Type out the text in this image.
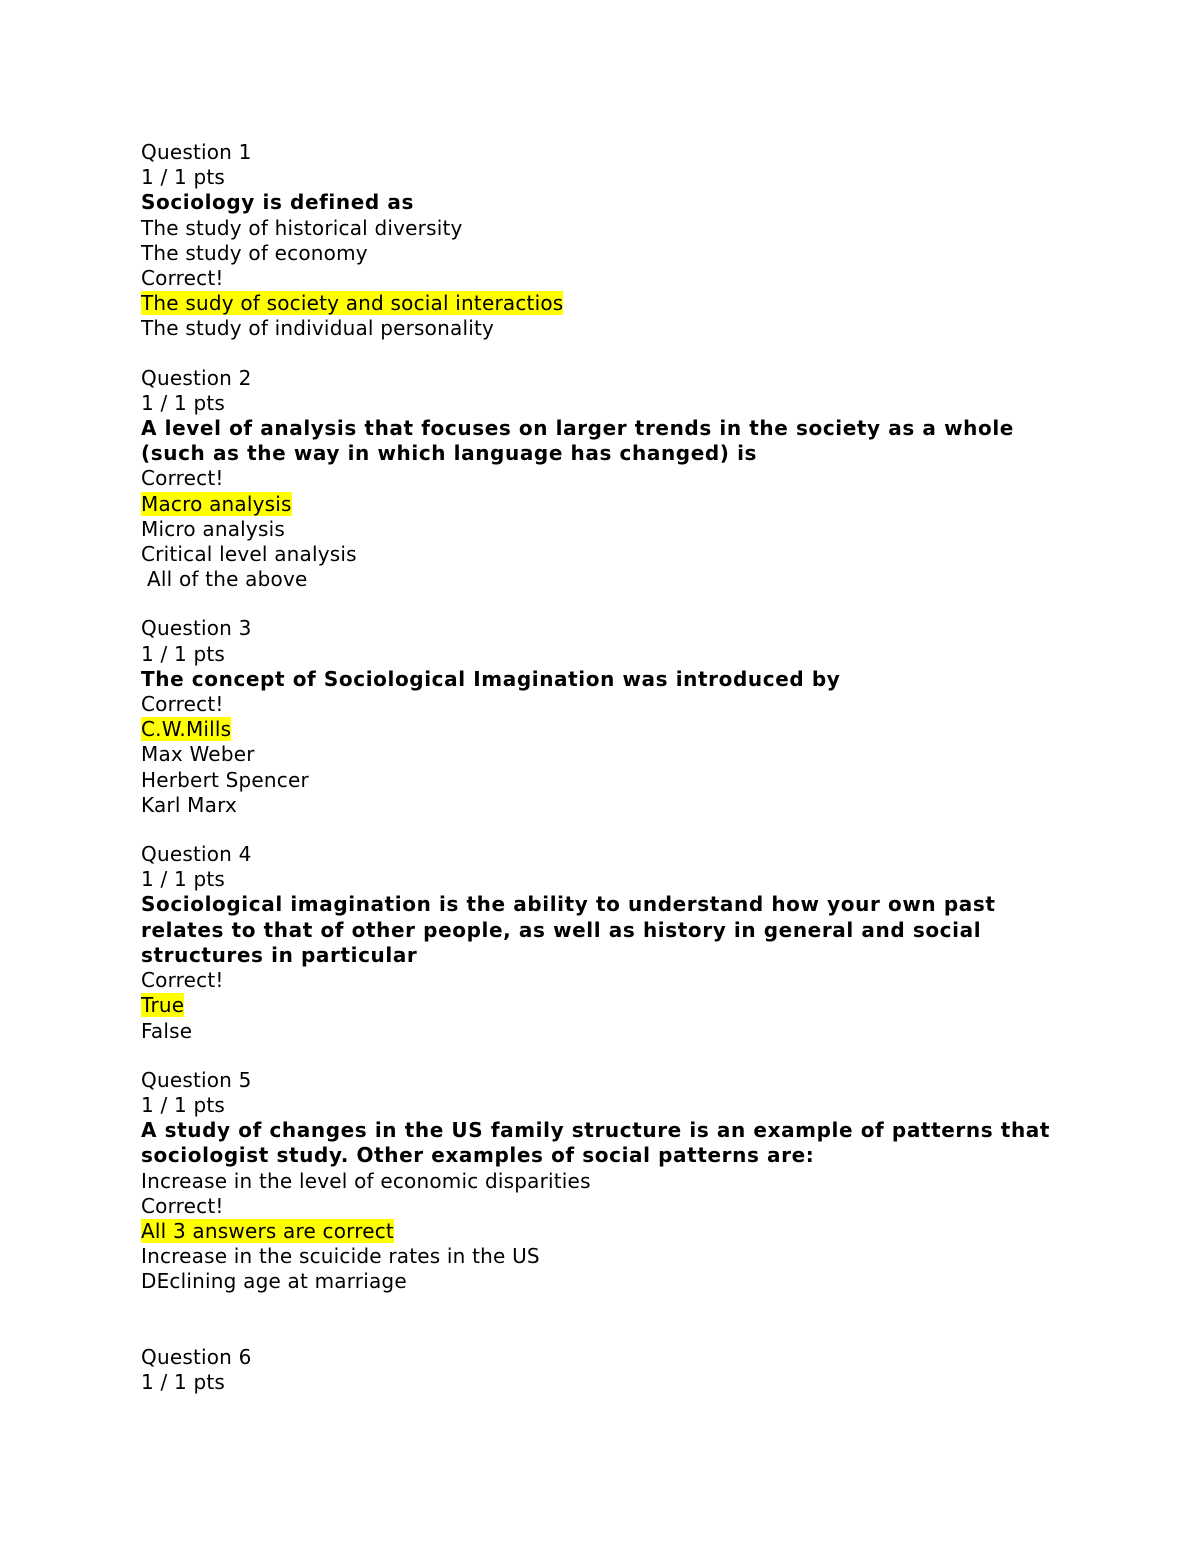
Question 1
1 / 1 pts
Sociology is defined as
The study of historical diversity
The study of economy
Correct!
The sudy of society and social interactios
The study of individual personality
Question 2
1 / 1 pts
A level of analysis that focuses on larger trends in the society as a whole (such as the way in which language has changed) is
Correct!
Macro analysis
Micro analysis
Critical level analysis
All of the above
Question 3
1 / 1 pts
The concept of Sociological Imagination was introduced by
Correct!
C.W.Mills
Max Weber
Herbert Spencer
Karl Marx
Question 4
1 / 1 pts
Sociological imagination is the ability to understand how your own past relates to that of other people, as well as history in general and social structures in particular
Correct!
True
False
Question 5
1 / 1 pts
A study of changes in the US family structure is an example of patterns that sociologist study. Other examples of social patterns are:
Increase in the level of economic disparities
Correct!
All 3 answers are correct
Increase in the scuicide rates in the US
DEclining age at marriage
Question 6
1 / 1 pts
